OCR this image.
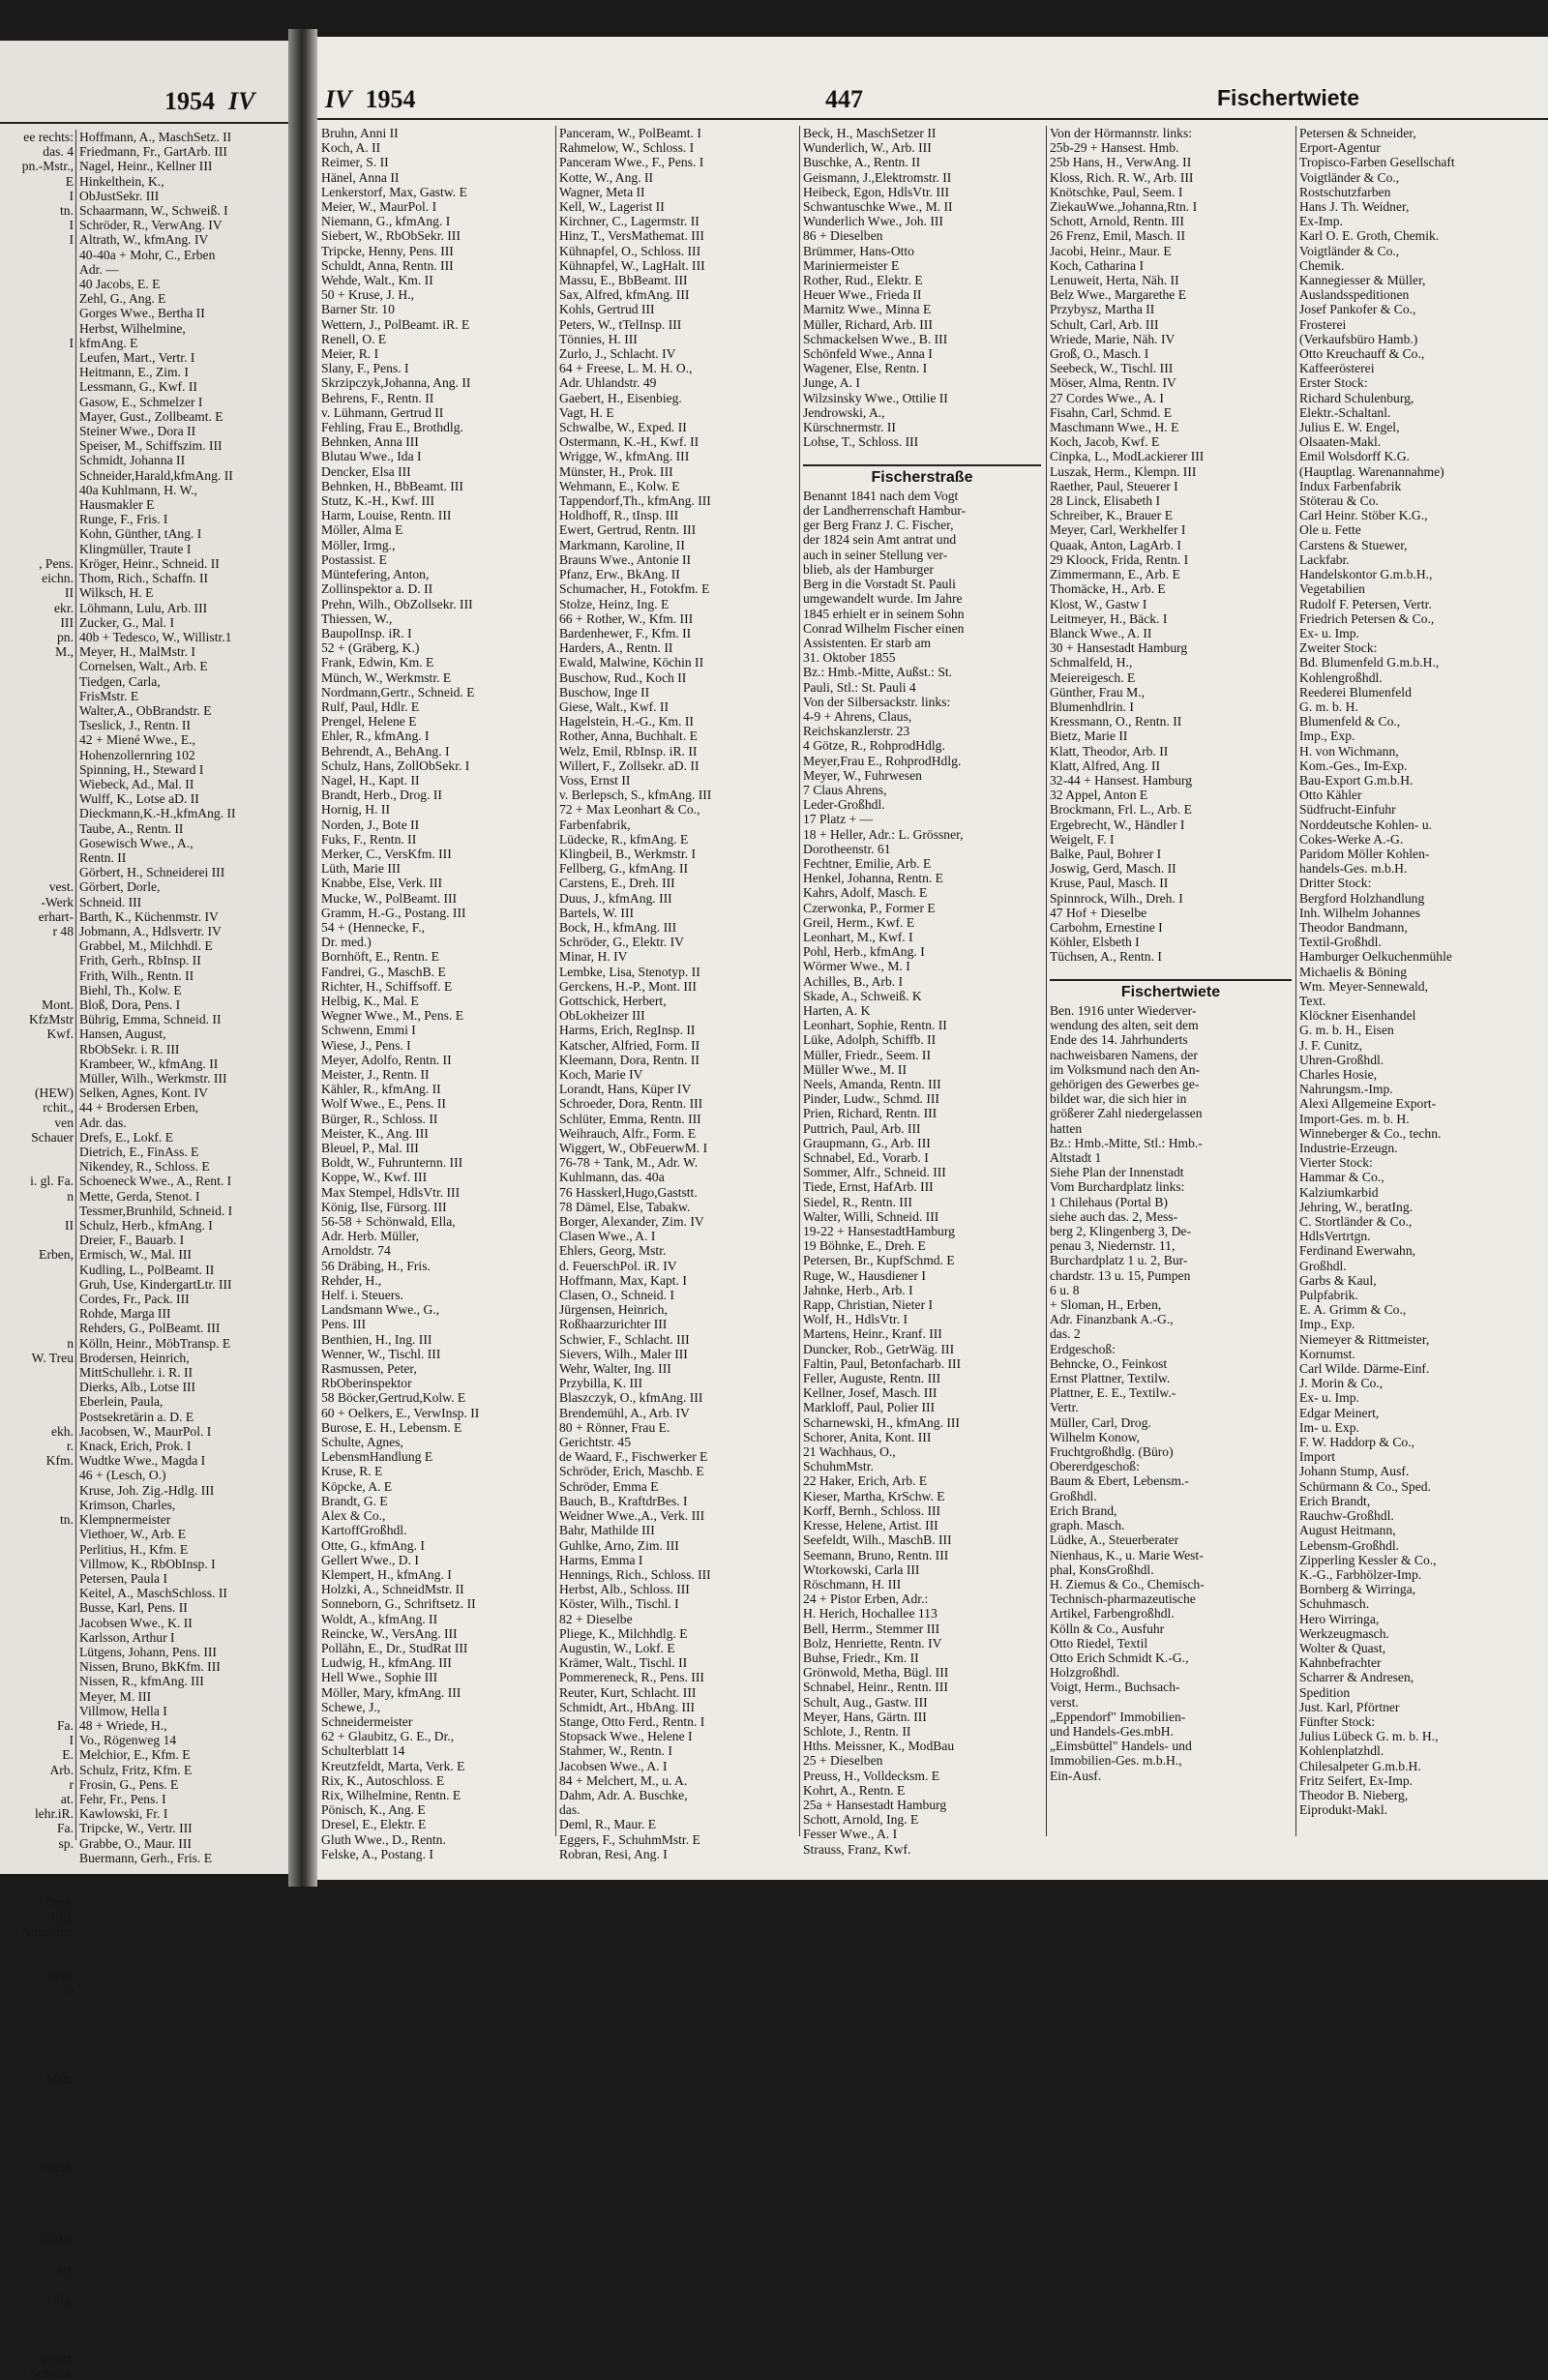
1954 IV
ee rechts:
das. 4
pn.-Mstr.,
E
I
tn.
I
I

I

, Pens.
eichn.
II
ekr.
III
pn.
M.,

vest.
-Werk
erhart-
r 48

Mont.
KfzMstr
Kwf.

(HEW)
rchit.,
ven
Schauer

i. gl. Fa.
n

II

Erben,

n
W. Treu

ekh.
r.
Kfm.

tn.

Fa.
I
E.
Arb.
r
at.
lehr.iR.
Fa.
sp.

Pens.
usp.
Annelore,

wart
9

Mstr.

mess.

erwM.

str.

dlg.

kmstr.
Schloss.
Hoffmann, A., MaschSetz. II
Friedmann, Fr., GartArb. III
Nagel, Heinr., Kellner III
Hinkelthein, K.,
ObJustSekr. III
Schaarmann, W., Schweiß. I
Schröder, R., VerwAng. IV
Altrath, W., kfmAng. IV
40-40a + Mohr, C., Erben
Adr. —
40 Jacobs, E. E
Zehl, G., Ang. E
Gorges Wwe., Bertha II
Herbst, Wilhelmine,
kfmAng. E
Leufen, Mart., Vertr. I
Heitmann, E., Zim. I
Lessmann, G., Kwf. II
Gasow, E., Schmelzer I
Mayer, Gust., Zollbeamt. E
Steiner Wwe., Dora II
Speiser, M., Schiffszim. III
Schmidt, Johanna II
Schneider,Harald,kfmAng. II
40a Kuhlmann, H. W.,
Hausmakler E
Runge, F., Fris. I
Kohn, Günther, tAng. I
Klingmüller, Traute I
Kröger, Heinr., Schneid. II
Thom, Rich., Schaffn. II
Wilksch, H. E
Löhmann, Lulu, Arb. III
Zucker, G., Mal. I
40b + Tedesco, W., Willistr.1
Meyer, H., MalMstr. I
Cornelsen, Walt., Arb. E
Tiedgen, Carla,
FrisMstr. E
Walter,A., ObBrandstr. E
Tseslick, J., Rentn. II
42 + Miené Wwe., E.,
Hohenzollernring 102
Spinning, H., Steward I
Wiebeck, Ad., Mal. II
Wulff, K., Lotse aD. II
Dieckmann,K.-H.,kfmAng. II
Taube, A., Rentn. II
Gosewisch Wwe., A.,
Rentn. II
Görbert, H., Schneiderei III
Görbert, Dorle,
Schneid. III
Barth, K., Küchenmstr. IV
Jobmann, A., Hdlsvertr. IV
Grabbel, M., Milchhdl. E
Frith, Gerh., RbInsp. II
Frith, Wilh., Rentn. II
Biehl, Th., Kolw. E
Bloß, Dora, Pens. I
Bührig, Emma, Schneid. II
Hansen, August,
RbObSekr. i. R. III
Krambeer, W., kfmAng. II
Müller, Wilh., Werkmstr. III
Selken, Agnes, Kont. IV
44 + Brodersen Erben,
Adr. das.
Drefs, E., Lokf. E
Dietrich, E., FinAss. E
Nikendey, R., Schloss. E
Schoeneck Wwe., A., Rent. I
Mette, Gerda, Stenot. I
Tessmer,Brunhild, Schneid. I
Schulz, Herb., kfmAng. I
Dreier, F., Bauarb. I
Ermisch, W., Mal. III
Kudling, L., PolBeamt. II
Gruh, Use, KindergartLtr. III
Cordes, Fr., Pack. III
Rohde, Marga III
Rehders, G., PolBeamt. III
Kölln, Heinr., MöbTransp. E
Brodersen, Heinrich,
MittSchullehr. i. R. II
Dierks, Alb., Lotse III
Eberlein, Paula,
Postsekretärin a. D. E
Jacobsen, W., MaurPol. I
Knack, Erich, Prok. I
Wudtke Wwe., Magda I
46 + (Lesch, O.)
Kruse, Joh. Zig.-Hdlg. III
Krimson, Charles,
Klempnermeister
Viethoer, W., Arb. E
Perlitius, H., Kfm. E
Villmow, K., RbObInsp. I
Petersen, Paula I
Keitel, A., MaschSchloss. II
Busse, Karl, Pens. II
Jacobsen Wwe., K. II
Karlsson, Arthur I
Lütgens, Johann, Pens. III
Nissen, Bruno, BkKfm. III
Nissen, R., kfmAng. III
Meyer, M. III
Villmow, Hella I
48 + Wriede, H.,
Vo., Rögenweg 14
Melchior, E., Kfm. E
Schulz, Fritz, Kfm. E
Frosin, G., Pens. E
Fehr, Fr., Pens. I
Kawlowski, Fr. I
Tripcke, W., Vertr. III
Grabbe, O., Maur. III
Buermann, Gerh., Fris. E
IV 1954	447	Fischertwiete
Bruhn, Anni II
Koch, A. II
Reimer, S. II
Hänel, Anna II
Lenkerstorf, Max, Gastw. E
Meier, W., MaurPol. I
Niemann, G., kfmAng. I
Siebert, W., RbObSekr. III
Tripcke, Henny, Pens. III
Schuldt, Anna, Rentn. III
Wehde, Walt., Km. II
50 + Kruse, J. H.,
Barner Str. 10
Wettern, J., PolBeamt. iR. E
Renell, O. E
Meier, R. I
Slany, F., Pens. I
Skrzipczyk,Johanna, Ang. II
Behrens, F., Rentn. II
v. Lühmann, Gertrud II
Fehling, Frau E., Brothdlg.
Behnken, Anna III
Blutau Wwe., Ida I
Dencker, Elsa III
Behnken, H., BbBeamt. III
Stutz, K.-H., Kwf. III
Harm, Louise, Rentn. III
Möller, Alma E
Möller, Irmg.,
Postassist. E
Müntefering, Anton,
Zollinspektor a. D. II
Prehn, Wilh., ObZollsekr. III
Thiessen, W.,
BaupolInsp. iR. I
52 + (Gräberg, K.)
Frank, Edwin, Km. E
Münch, W., Werkmstr. E
Nordmann,Gertr., Schneid. E
Rulf, Paul, Hdlr. E
Prengel, Helene E
Ehler, R., kfmAng. I
Behrendt, A., BehAng. I
Schulz, Hans, ZollObSekr. I
Nagel, H., Kapt. II
Brandt, Herb., Drog. II
Hornig, H. II
Norden, J., Bote II
Fuks, F., Rentn. II
Merker, C., VersKfm. III
Lüth, Marie III
Knabbe, Else, Verk. III
Mucke, W., PolBeamt. III
Gramm, H.-G., Postang. III
54 + (Hennecke, F.,
Dr. med.)
Bornhöft, E., Rentn. E
Fandrei, G., MaschB. E
Richter, H., Schiffsoff. E
Helbig, K., Mal. E
Wegner Wwe., M., Pens. E
Schwenn, Emmi I
Wiese, J., Pens. I
Meyer, Adolfo, Rentn. II
Meister, J., Rentn. II
Kähler, R., kfmAng. II
Wolf Wwe., E., Pens. II
Bürger, R., Schloss. II
Meister, K., Ang. III
Bleuel, P., Mal. III
Boldt, W., Fuhrunternn. III
Koppe, W., Kwf. III
Max Stempel, HdlsVtr. III
König, Ilse, Fürsorg. III
56-58 + Schönwald, Ella,
Adr. Herb. Müller,
Arnoldstr. 74
56 Dräbing, H., Fris.
Rehder, H.,
Helf. i. Steuers.
Landsmann Wwe., G.,
Pens. III
Benthien, H., Ing. III
Wenner, W., Tischl. III
Rasmussen, Peter,
RbOberinspektor
58 Böcker,Gertrud,Kolw. E
60 + Oelkers, E., VerwInsp. II
Burose, E. H., Lebensm. E
Schulte, Agnes,
LebensmHandlung E
Kruse, R. E
Köpcke, A. E
Brandt, G. E
Alex & Co.,
KartoffGroßhdl.
Otte, G., kfmAng. I
Gellert Wwe., D. I
Klempert, H., kfmAng. I
Holzki, A., SchneidMstr. II
Sonneborn, G., Schriftsetz. II
Woldt, A., kfmAng. II
Reincke, W., VersAng. III
Pollähn, E., Dr., StudRat III
Ludwig, H., kfmAng. III
Hell Wwe., Sophie III
Möller, Mary, kfmAng. III
Schewe, J.,
Schneidermeister
62 + Glaubitz, G. E., Dr.,
Schulterblatt 14
Kreutzfeldt, Marta, Verk. E
Rix, K., Autoschloss. E
Rix, Wilhelmine, Rentn. E
Pönisch, K., Ang. E
Dresel, E., Elektr. E
Gluth Wwe., D., Rentn.
Felske, A., Postang. I
Panceram, W., PolBeamt. I
Rahmelow, W., Schloss. I
Panceram Wwe., F., Pens. I
Kotte, W., Ang. II
Wagner, Meta II
Kell, W., Lagerist II
Kirchner, C., Lagermstr. II
Hinz, T., VersMathemat. III
Kühnapfel, O., Schloss. III
Kühnapfel, W., LagHalt. III
Massu, E., BbBeamt. III
Sax, Alfred, kfmAng. III
Kohls, Gertrud III
Peters, W., tTelInsp. III
Tönnies, H. III
Zurlo, J., Schlacht. IV
64 + Freese, L. M. H. O.,
Adr. Uhlandstr. 49
Gaebert, H., Eisenbieg.
Vagt, H. E
Schwalbe, W., Exped. II
Ostermann, K.-H., Kwf. II
Wrigge, W., kfmAng. III
Münster, H., Prok. III
Wehmann, E., Kolw. E
Tappendorf,Th., kfmAng. III
Holdhoff, R., tInsp. III
Ewert, Gertrud, Rentn. III
Markmann, Karoline, II
Brauns Wwe., Antonie II
Pfanz, Erw., BkAng. II
Schumacher, H., Fotokfm. E
Stolze, Heinz, Ing. E
66 + Rother, W., Kfm. III
Bardenhewer, F., Kfm. II
Harders, A., Rentn. II
Ewald, Malwine, Köchin II
Buschow, Rud., Koch II
Buschow, Inge II
Giese, Walt., Kwf. II
Hagelstein, H.-G., Km. II
Rother, Anna, Buchhalt. E
Welz, Emil, RbInsp. iR. II
Willert, F., Zollsekr. aD. II
Voss, Ernst II
v. Berlepsch, S., kfmAng. III
72 + Max Leonhart & Co.,
Farbenfabrik,
Lüdecke, R., kfmAng. E
Klingbeil, B., Werkmstr. I
Fellberg, G., kfmAng. II
Carstens, E., Dreh. III
Duus, J., kfmAng. III
Bartels, W. III
Bock, H., kfmAng. III
Schröder, G., Elektr. IV
Minar, H. IV
Lembke, Lisa, Stenotyp. II
Gerckens, H.-P., Mont. III
Gottschick, Herbert,
ObLokheizer III
Harms, Erich, RegInsp. II
Katscher, Alfried, Form. II
Kleemann, Dora, Rentn. II
Koch, Marie IV
Lorandt, Hans, Küper IV
Schroeder, Dora, Rentn. III
Schlüter, Emma, Rentn. III
Weihrauch, Alfr., Form. E
Wiggert, W., ObFeuerwM. I
76-78 + Tank, M., Adr. W.
Kuhlmann, das. 40a
76 Hasskerl,Hugo,Gaststt.
78 Dämel, Else, Tabakw.
Borger, Alexander, Zim. IV
Clasen Wwe., A. I
Ehlers, Georg, Mstr.
d. FeuerschPol. iR. IV
Hoffmann, Max, Kapt. I
Clasen, O., Schneid. I
Jürgensen, Heinrich,
Roßhaarzurichter III
Schwier, F., Schlacht. III
Sievers, Wilh., Maler III
Wehr, Walter, Ing. III
Przybilla, K. III
Blaszczyk, O., kfmAng. III
Brendemühl, A., Arb. IV
80 + Rönner, Frau E.
Gerichtstr. 45
de Waard, F., Fischwerker E
Schröder, Erich, Maschb. E
Schröder, Emma E
Bauch, B., KraftdrBes. I
Weidner Wwe.,A., Verk. III
Bahr, Mathilde III
Guhlke, Arno, Zim. III
Harms, Emma I
Hennings, Rich., Schloss. III
Herbst, Alb., Schloss. III
Köster, Wilh., Tischl. I
82 + Dieselbe
Pliege, K., Milchhdlg. E
Augustin, W., Lokf. E
Krämer, Walt., Tischl. II
Pommereneck, R., Pens. III
Reuter, Kurt, Schlacht. III
Schmidt, Art., HbAng. III
Stange, Otto Ferd., Rentn. I
Stopsack Wwe., Helene I
Stahmer, W., Rentn. I
Jacobsen Wwe., A. I
84 + Melchert, M., u. A.
Dahm, Adr. A. Buschke,
das.
Deml, R., Maur. E
Eggers, F., SchuhmMstr. E
Robran, Resi, Ang. I
Beck, H., MaschSetzer II
Wunderlich, W., Arb. III
Buschke, A., Rentn. II
Geismann, J.,Elektromstr. II
Heibeck, Egon, HdlsVtr. III
Schwantuschke Wwe., M. II
Wunderlich Wwe., Joh. III
86 + Dieselben
Brümmer, Hans-Otto
Mariniermeister E
Rother, Rud., Elektr. E
Heuer Wwe., Frieda II
Marnitz Wwe., Minna E
Müller, Richard, Arb. III
Schmackelsen Wwe., B. III
Schönfeld Wwe., Anna I
Wagener, Else, Rentn. I
Junge, A. I
Wilzsinsky Wwe., Ottilie II
Jendrowski, A.,
Kürschnermstr. II
Lohse, T., Schloss. III

Fischerstraße
Benannt 1841 nach dem Vogt
der Landherrenschaft Hambur-
ger Berg Franz J. C. Fischer,
der 1824 sein Amt antrat und
auch in seiner Stellung ver-
blieb, als der Hamburger
Berg in die Vorstadt St. Pauli
umgewandelt wurde. Im Jahre
1845 erhielt er in seinem Sohn
Conrad Wilhelm Fischer einen
Assistenten. Er starb am
31. Oktober 1855
Bz.: Hmb.-Mitte, Außst.: St.
Pauli, Stl.: St. Pauli 4
Von der Silbersackstr. links:
4-9 + Ahrens, Claus,
Reichskanzlerstr. 23
4 Götze, R., RohprodHdlg.
Meyer,Frau E., RohprodHdlg.
Meyer, W., Fuhrwesen
7 Claus Ahrens,
Leder-Großhdl.
17 Platz + —
18 + Heller, Adr.: L. Grössner,
Dorotheenstr. 61
Fechtner, Emilie, Arb. E
Henkel, Johanna, Rentn. E
Kahrs, Adolf, Masch. E
Czerwonka, P., Former E
Greil, Herm., Kwf. E
Leonhart, M., Kwf. I
Pohl, Herb., kfmAng. I
Wörmer Wwe., M. I
Achilles, B., Arb. I
Skade, A., Schweiß. K
Harten, A. K
Leonhart, Sophie, Rentn. II
Lüke, Adolph, Schiffb. II
Müller, Friedr., Seem. II
Müller Wwe., M. II
Neels, Amanda, Rentn. III
Pinder, Ludw., Schmd. III
Prien, Richard, Rentn. III
Puttrich, Paul, Arb. III
Graupmann, G., Arb. III
Schnabel, Ed., Vorarb. I
Sommer, Alfr., Schneid. III
Tiede, Ernst, HafArb. III
Siedel, R., Rentn. III
Walter, Willi, Schneid. III
19-22 + HansestadtHamburg
19 Böhnke, E., Dreh. E
Petersen, Br., KupfSchmd. E
Ruge, W., Hausdiener I
Jahnke, Herb., Arb. I
Rapp, Christian, Nieter I
Wolf, H., HdlsVtr. I
Martens, Heinr., Kranf. III
Duncker, Rob., GetrWäg. III
Faltin, Paul, Betonfacharb. III
Feller, Auguste, Rentn. III
Kellner, Josef, Masch. III
Markloff, Paul, Polier III
Scharnewski, H., kfmAng. III
Schorer, Anita, Kont. III
21 Wachhaus, O.,
SchuhmMstr.
22 Haker, Erich, Arb. E
Kieser, Martha, KrSchw. E
Korff, Bernh., Schloss. III
Kresse, Helene, Artist. III
Seefeldt, Wilh., MaschB. III
Seemann, Bruno, Rentn. III
Wtorkowski, Carla III
Röschmann, H. III
24 + Pistor Erben, Adr.:
H. Herich, Hochallee 113
Bell, Herrm., Stemmer III
Bolz, Henriette, Rentn. IV
Buhse, Friedr., Km. II
Grönwold, Metha, Bügl. III
Schnabel, Heinr., Rentn. III
Schult, Aug., Gastw. III
Meyer, Hans, Gärtn. III
Schlote, J., Rentn. II
Hths. Meissner, K., ModBau
25 + Dieselben
Preuss, H., Volldecksm. E
Kohrt, A., Rentn. E
25a + Hansestadt Hamburg
Schott, Arnold, Ing. E
Fesser Wwe., A. I
Strauss, Franz, Kwf.
Von der Hörmannstr. links:
25b-29 + Hansest. Hmb.
25b Hans, H., VerwAng. II
Kloss, Rich. R. W., Arb. III
Knötschke, Paul, Seem. I
ZiekauWwe.,Johanna,Rtn. I
Schott, Arnold, Rentn. III
26 Frenz, Emil, Masch. II
Jacobi, Heinr., Maur. E
Koch, Catharina I
Lenuweit, Herta, Näh. II
Belz Wwe., Margarethe E
Przybysz, Martha II
Schult, Carl, Arb. III
Wriede, Marie, Näh. IV
Groß, O., Masch. I
Seebeck, W., Tischl. III
Möser, Alma, Rentn. IV
27 Cordes Wwe., A. I
Fisahn, Carl, Schmd. E
Maschmann Wwe., H. E
Koch, Jacob, Kwf. E
Cinpka, L., ModLackierer III
Luszak, Herm., Klempn. III
Raether, Paul, Steuerer I
28 Linck, Elisabeth I
Schreiber, K., Brauer E
Meyer, Carl, Werkhelfer I
Quaak, Anton, LagArb. I
29 Kloock, Frida, Rentn. I
Zimmermann, E., Arb. E
Thomäcke, H., Arb. E
Klost, W., Gastw I
Leitmeyer, H., Bäck. I
Blanck Wwe., A. II
30 + Hansestadt Hamburg
Schmalfeld, H.,
Meiereigesch. E
Günther, Frau M.,
Blumenhdlrin. I
Kressmann, O., Rentn. II
Bietz, Marie II
Klatt, Theodor, Arb. II
Klatt, Alfred, Ang. II
32-44 + Hansest. Hamburg
32 Appel, Anton E
Brockmann, Frl. L., Arb. E
Ergebrecht, W., Händler I
Weigelt, F. I
Balke, Paul, Bohrer I
Joswig, Gerd, Masch. II
Kruse, Paul, Masch. II
Spinnrock, Wilh., Dreh. I
47 Hof + Dieselbe
Carbohm, Ernestine I
Köhler, Elsbeth I
Tüchsen, A., Rentn. I

Fischertwiete
Ben. 1916 unter Wiederver-
wendung des alten, seit dem
Ende des 14. Jahrhunderts
nachweisbaren Namens, der
im Volksmund nach den An-
gehörigen des Gewerbes ge-
bildet war, die sich hier in
größerer Zahl niedergelassen
hatten
Bz.: Hmb.-Mitte, Stl.: Hmb.-
Altstadt 1
Siehe Plan der Innenstadt
Vom Burchardplatz links:
1 Chilehaus (Portal B)
siehe auch das. 2, Mess-
berg 2, Klingenberg 3, De-
penau 3, Niedernstr. 11,
Burchardplatz 1 u. 2, Bur-
chardstr. 13 u. 15, Pumpen
6 u. 8
+ Sloman, H., Erben,
Adr. Finanzbank A.-G.,
das. 2
Erdgeschoß:
Behncke, O., Feinkost
Ernst Plattner, Textilw.
Plattner, E. E., Textilw.-
Vertr.
Müller, Carl, Drog.
Wilhelm Konow,
Fruchtgroßhdlg. (Büro)
Obererdgeschoß:
Baum & Ebert, Lebensm.-
Großhdl.
Erich Brand,
graph. Masch.
Lüdke, A., Steuerberater
Nienhaus, K., u. Marie West-
phal, KonsGroßhdl.
H. Ziemus & Co., Chemisch-
Technisch-pharmazeutische
Artikel, Farbengroßhdl.
Kölln & Co., Ausfuhr
Otto Riedel, Textil
Otto Erich Schmidt K.-G.,
Holzgroßhdl.
Voigt, Herm., Buchsach-
verst.
„Eppendorf" Immobilien-
und Handels-Ges.mbH.
„Eimsbüttel" Handels- und
Immobilien-Ges. m.b.H.,
Ein-Ausf.
Petersen & Schneider,
Erport-Agentur
Tropisco-Farben Gesellschaft
Voigtländer & Co.,
Rostschutzfarben
Hans J. Th. Weidner,
Ex-Imp.
Karl O. E. Groth, Chemik.
Voigtländer & Co.,
Chemik.
Kannegiesser & Müller,
Auslandsspeditionen
Josef Pankofer & Co.,
Frosterei
(Verkaufsbüro Hamb.)
Otto Kreuchauff & Co.,
Kaffeerösterei
Erster Stock:
Richard Schulenburg,
Elektr.-Schaltanl.
Julius E. W. Engel,
Olsaaten-Makl.
Emil Wolsdorff K.G.
(Hauptlag. Warenannahme)
Indux Farbenfabrik
Stöterau & Co.
Carl Heinr. Stöber K.G.,
Ole u. Fette
Carstens & Stuewer,
Lackfabr.
Handelskontor G.m.b.H.,
Vegetabilien
Rudolf F. Petersen, Vertr.
Friedrich Petersen & Co.,
Ex- u. Imp.
Zweiter Stock:
Bd. Blumenfeld G.m.b.H.,
Kohlengroßhdl.
Reederei Blumenfeld
G. m. b. H.
Blumenfeld & Co.,
Imp., Exp.
H. von Wichmann,
Kom.-Ges., Im-Exp.
Bau-Export G.m.b.H.
Otto Kähler
Südfrucht-Einfuhr
Norddeutsche Kohlen- u.
Cokes-Werke A.-G.
Paridom Möller Kohlen-
handels-Ges. m.b.H.
Dritter Stock:
Bergford Holzhandlung
Inh. Wilhelm Johannes
Theodor Bandmann,
Textil-Großhdl.
Hamburger Oelkuchenmühle
Michaelis & Böning
Wm. Meyer-Sennewald,
Text.
Klöckner Eisenhandel
G. m. b. H., Eisen
J. F. Cunitz,
Uhren-Großhdl.
Charles Hosie,
Nahrungsm.-Imp.
Alexi Allgemeine Export-
Import-Ges. m. b. H.
Winneberger & Co., techn.
Industrie-Erzeugn.
Vierter Stock:
Hammar & Co.,
Kalziumkarbid
Jehring, W., beratIng.
C. Stortländer & Co.,
HdlsVertrtgn.
Ferdinand Ewerwahn,
Großhdl.
Garbs & Kaul,
Pulpfabrik.
E. A. Grimm & Co.,
Imp., Exp.
Niemeyer & Rittmeister,
Kornumst.
Carl Wilde. Därme-Einf.
J. Morin & Co.,
Ex- u. Imp.
Edgar Meinert,
Im- u. Exp.
F. W. Haddorp & Co.,
Import
Johann Stump, Ausf.
Schürmann & Co., Sped.
Erich Brandt,
Rauchw-Großhdl.
August Heitmann,
Lebensm-Großhdl.
Zipperling Kessler & Co.,
K.-G., Farbhölzer-Imp.
Bornberg & Wirringa,
Schuhmasch.
Hero Wirringa,
Werkzeugmasch.
Wolter & Quast,
Kahnbefrachter
Scharrer & Andresen,
Spedition
Just. Karl, Pförtner
Fünfter Stock:
Julius Lübeck G. m. b. H.,
Kohlenplatzhdl.
Chilesalpeter G.m.b.H.
Fritz Seifert, Ex-Imp.
Theodor B. Nieberg,
Eiprodukt-Makl.
